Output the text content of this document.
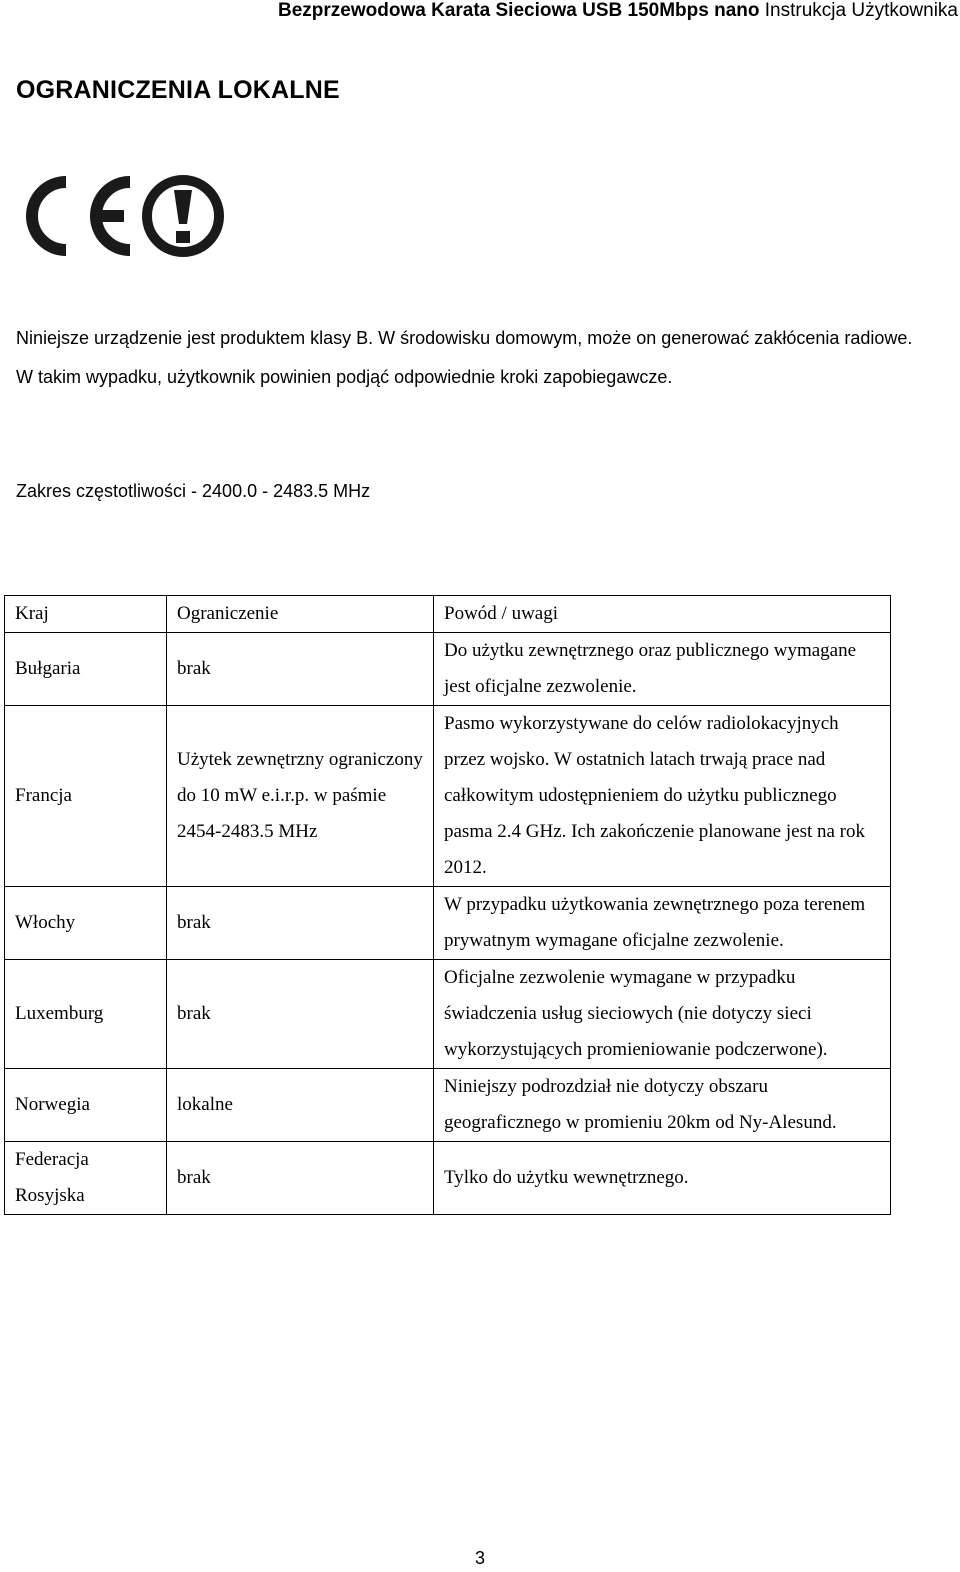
Bezprzewodowa Karata Sieciowa USB 150Mbps nano Instrukcja Użytkownika
OGRANICZENIA LOKALNE
Niniejsze urządzenie jest produktem klasy B. W środowisku domowym, może on generować zakłócenia radiowe. W takim wypadku, użytkownik powinien podjąć odpowiednie kroki zapobiegawcze.
Zakres częstotliwości - 2400.0 - 2483.5 MHz
Kraj	Ograniczenie	Powód / uwagi
Bułgaria	brak	Do użytku zewnętrznego oraz publicznego wymagane jest oficjalne zezwolenie.
Francja	Użytek zewnętrzny ograniczony do 10 mW e.i.r.p. w paśmie 2454-2483.5 MHz	Pasmo wykorzystywane do celów radiolokacyjnych przez wojsko. W ostatnich latach trwają prace nad całkowitym udostępnieniem do użytku publicznego pasma 2.4 GHz. Ich zakończenie planowane jest na rok 2012.
Włochy	brak	W przypadku użytkowania zewnętrznego poza terenem prywatnym wymagane oficjalne zezwolenie.
Luxemburg	brak	Oficjalne zezwolenie wymagane w przypadku świadczenia usług sieciowych (nie dotyczy sieci wykorzystujących promieniowanie podczerwone).
Norwegia	lokalne	Niniejszy podrozdział nie dotyczy obszaru geograficznego w promieniu 20km od Ny-Alesund.
Federacja Rosyjska	brak	Tylko do użytku wewnętrznego.
3
